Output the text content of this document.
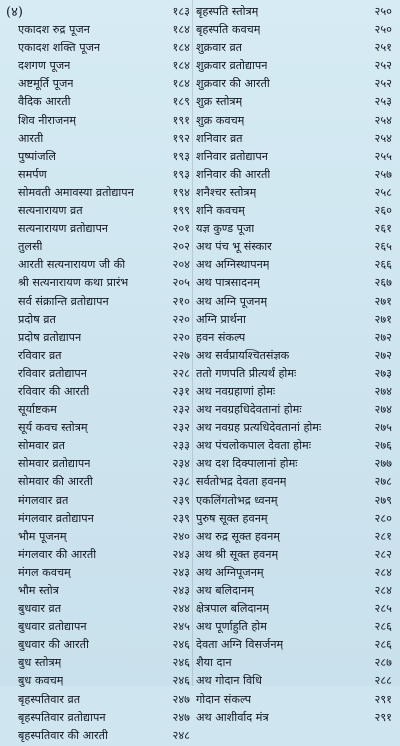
(४)	१८३
एकादश रुद्र पूजन	१८४
एकादश शक्ति पूजन	१८४
दशगण पूजन	१८४
अष्टमूर्ति पूजन	१८४
वैदिक आरती	१८९
शिव नीराजनम्	१९१
आरती	१९२
पुष्पांजलि	१९३
समर्पण	१९३
सोमवती अमावस्या व्रतोद्यापन	१९४
सत्यनारायण व्रत	१९९
सत्यनारायण व्रतोद्यापन	२०१
तुलसी	२०२
आरती सत्यनारायण जी की	२०४
श्री सत्यनारायण कथा प्रारंभ	२०५
सर्व संक्रान्ति व्रतोद्यापन	२१०
प्रदोष व्रत	२२०
प्रदोष व्रतोद्यापन	२२०
रविवार व्रत	२२७
रविवार व्रतोद्यापन	२२८
रविवार की आरती	२३१
सूर्याष्टकम	२३२
सूर्य कवच स्तोत्रम्	२३२
सोमवार व्रत	२३३
सोमवार व्रतोद्यापन	२३४
सोमवार की आरती	२३८
मंगलवार व्रत	२३९
मंगलवार व्रतोद्यापन	२३९
भौम पूजनम्	२४०
मंगलवार की आरती	२४३
मंगल कवचम्	२४३
भौम स्तोत्र	२४३
बुधवार व्रत	२४४
बुधवार व्रतोद्यापन	२४५
बुधवार की आरती	२४६
बुध स्तोत्रम्	२४६
बुध कवचम्	२४६
बृहस्पतिवार व्रत	२४७
बृहस्पतिवार व्रतोद्यापन	२४७
बृहस्पतिवार की आरती	२४८
बृहस्पति स्तोत्रम्	२५०
बृहस्पति कवचम्	२५०
शुक्रवार व्रत	२५१
शुक्रवार व्रतोद्यापन	२५२
शुक्रवार की आरती	२५२
शुक्र स्तोत्रम्	२५३
शुक्र कवचम्	२५४
शनिवार व्रत	२५४
शनिवार व्रतोद्यापन	२५५
शनिवार की आरती	२५७
शनैश्चर स्तोत्रम्	२५८
शनि कवचम्	२६०
यज्ञ कुण्ड पूजा	२६१
अथ पंच भू संस्कार	२६५
अथ अग्निस्थापनम्	२६६
अथ पात्रसादनम्	२६७
अथ अग्नि पूजनम्	२७१
अग्नि प्रार्थना	२७१
हवन संकल्प	२७२
अथ सर्वप्रायश्चितसंज्ञक	२७२
ततो गणपति प्रीत्यर्थं होमः	२७३
अथ नवग्रहाणां होमः	२७४
अथ नवग्रहधिदेवतानां होमः	२७४
अथ नवग्रह प्रत्यधिदेवतानां होमः	२७५
अथ पंचलोकपाल देवता होमः	२७६
अथ दश दिक्पालानां होमः	२७७
सर्वतोभद्र देवता हवनम्	२७८
एकलिंगतोभद्र ध्वनम्	२७९
पुरुष सूक्त हवनम्	२८०
अथ रुद्र सूक्त हवनम्	२८१
अथ श्री सूक्त हवनम्	२८२
अथ अग्निपूजनम्	२८४
अथ बलिदानम्	२८४
क्षेत्रपाल बलिदानम्	२८५
अथ पूर्णाहुति होम	२८६
देवता अग्नि विसर्जनम्	२८६
शैया दान	२८७
अथ गोदान विधि	२८८
गोदान संकल्प	२९१
अथ आशीर्वाद मंत्र	२९१
